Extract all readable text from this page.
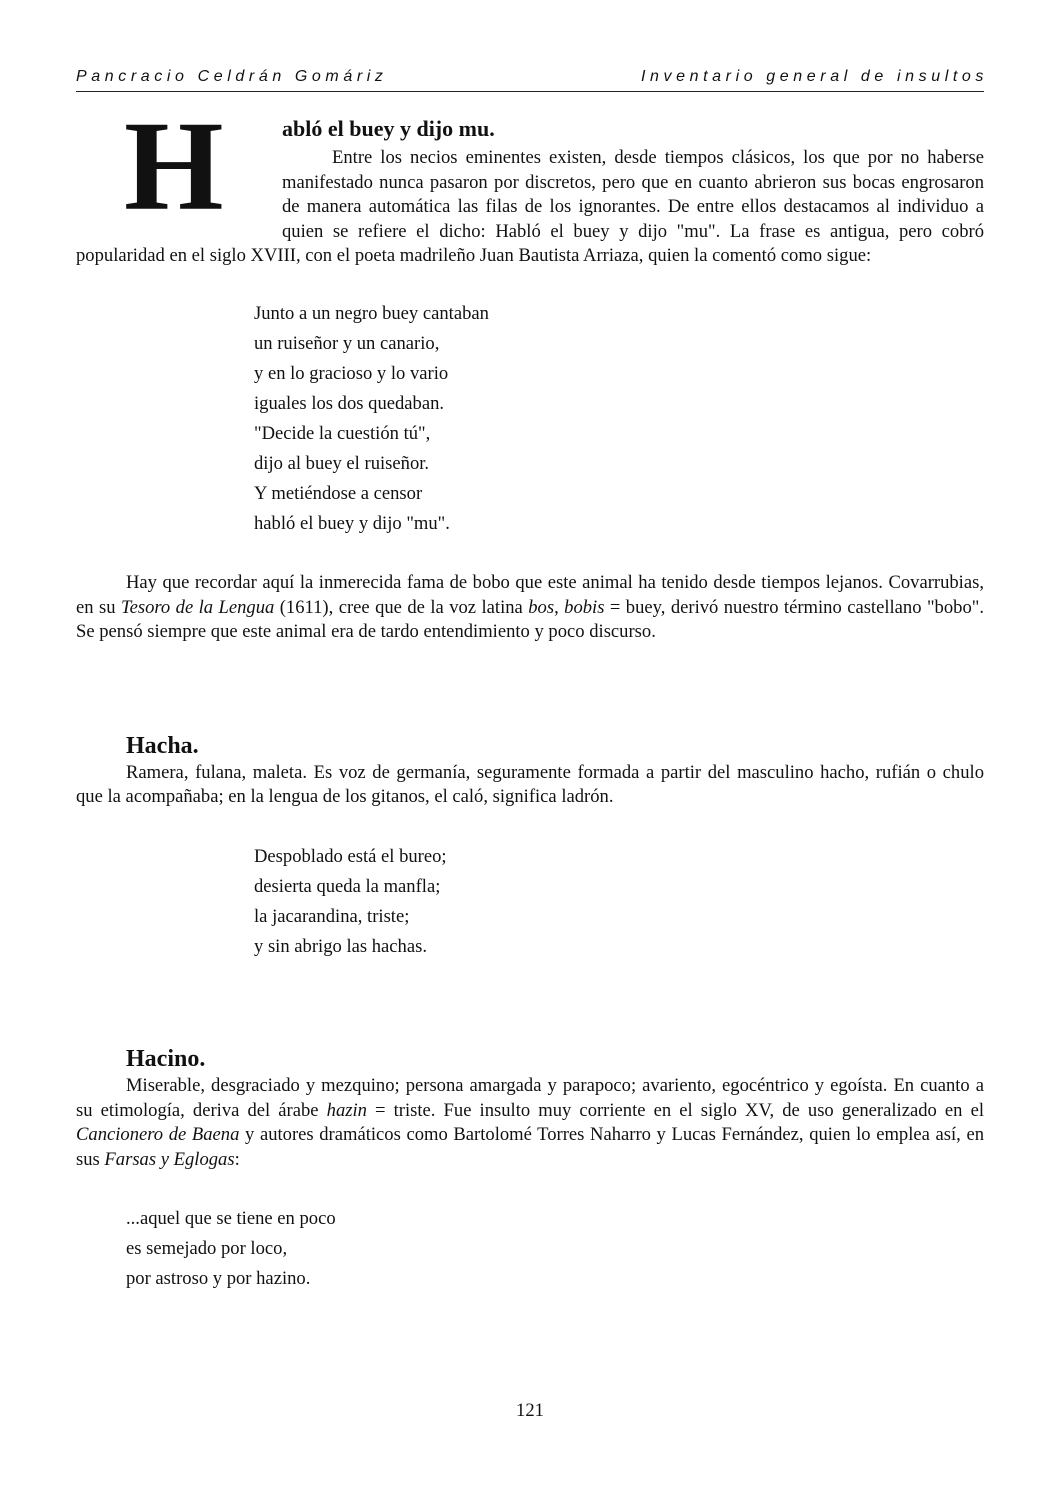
Pancracio Celdrán Gomáriz	Inventario general de insultos
H	abló el buey y dijo mu.

Entre los necios eminentes existen, desde tiempos clásicos, los que por no haberse manifestado nunca pasaron por discretos, pero que en cuanto abrieron sus bocas engrosaron de manera automática las filas de los ignorantes. De entre ellos destacamos al individuo a quien se refiere el dicho: Habló el buey y dijo "mu". La frase es antigua, pero cobró popularidad en el siglo XVIII, con el poeta madrileño Juan Bautista Arriaza, quien la comentó como sigue:

Junto a un negro buey cantaban
un ruiseñor y un canario,
y en lo gracioso y lo vario
iguales los dos quedaban.
"Decide la cuestión tú",
dijo al buey el ruiseñor.
Y metiéndose a censor
habló el buey y dijo "mu".

Hay que recordar aquí la inmerecida fama de bobo que este animal ha tenido desde tiempos lejanos. Covarrubias, en su Tesoro de la Lengua (1611), cree que de la voz latina bos, bobis = buey, derivó nuestro término castellano "bobo". Se pensó siempre que este animal era de tardo entendimiento y poco discurso.

Hacha.

Ramera, fulana, maleta. Es voz de germanía, seguramente formada a partir del masculino hacho, rufián o chulo que la acompañaba; en la lengua de los gitanos, el caló, significa ladrón.

Despoblado está el bureo;
desierta queda la manfla;
la jacarandina, triste;
y sin abrigo las hachas.
Hacino.

Miserable, desgraciado y mezquino; persona amargada y parapoco; avariento, egocéntrico y egoísta. En cuanto a su etimología, deriva del árabe hazin = triste. Fue insulto muy corriente en el siglo XV, de uso generalizado en el Cancionero de Baena y autores dramáticos como Bartolomé Torres Naharro y Lucas Fernández, quien lo emplea así, en sus Farsas y Eglogas:

...aquel que se tiene en poco
es semejado por loco,
por astroso y por hazino.
121
